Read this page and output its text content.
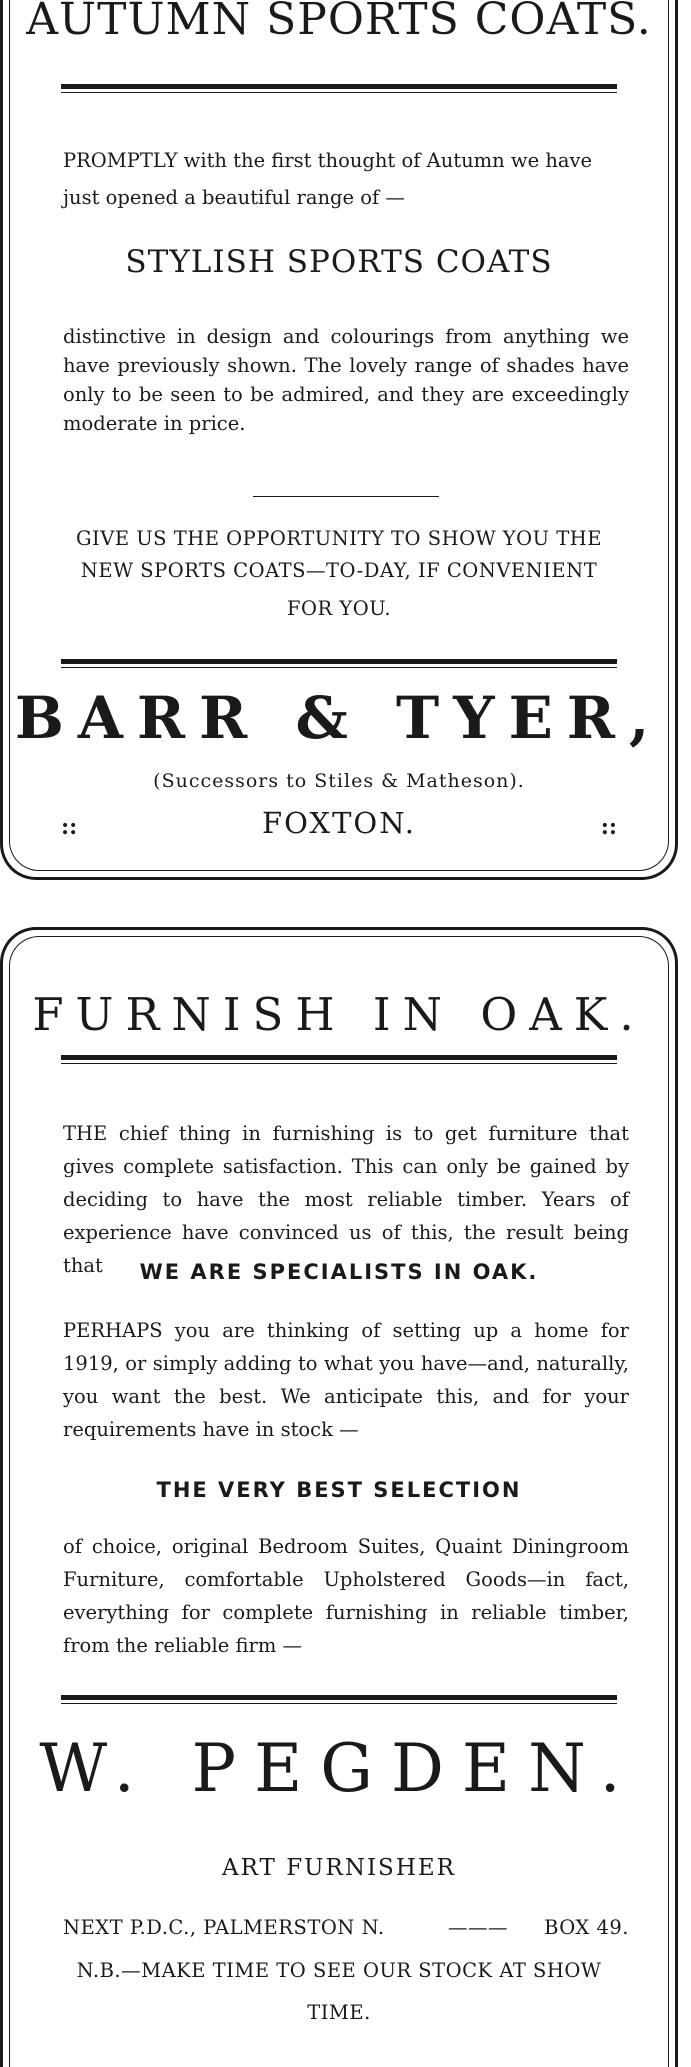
AUTUMN SPORTS COATS.

PROMPTLY with the first thought of Autumn we have just opened a beautiful range of —

STYLISH SPORTS COATS

distinctive in design and colourings from anything we have previously shown. The lovely range of shades have only to be seen to be admired, and they are exceedingly moderate in price.

GIVE US THE OPPORTUNITY TO SHOW YOU THE

NEW SPORTS COATS—TO-DAY, IF CONVENIENT

FOR YOU.

BARR & TYER,
(Successors to Stiles & Matheson).
FOXTON.
::	::
FURNISH IN OAK.

THE chief thing in furnishing is to get furniture that gives complete satisfaction. This can only be gained by deciding to have the most reliable timber. Years of experience have convinced us of this, the result being that	WE ARE SPECIALISTS IN OAK.

PERHAPS you are thinking of setting up a home for 1919, or simply adding to what you have—and, naturally, you want the best. We anticipate this, and for your requirements have in stock —

THE VERY BEST SELECTION

of choice, original Bedroom Suites, Quaint Diningroom Furniture, comfortable Upholstered Goods—in fact, everything for complete furnishing in reliable timber, from the reliable firm —

W. PEGDEN.
ART FURNISHER
NEXT P.D.C., PALMERSTON N.	——— BOX 49.
N.B.—MAKE TIME TO SEE OUR STOCK AT SHOW
TIME.
